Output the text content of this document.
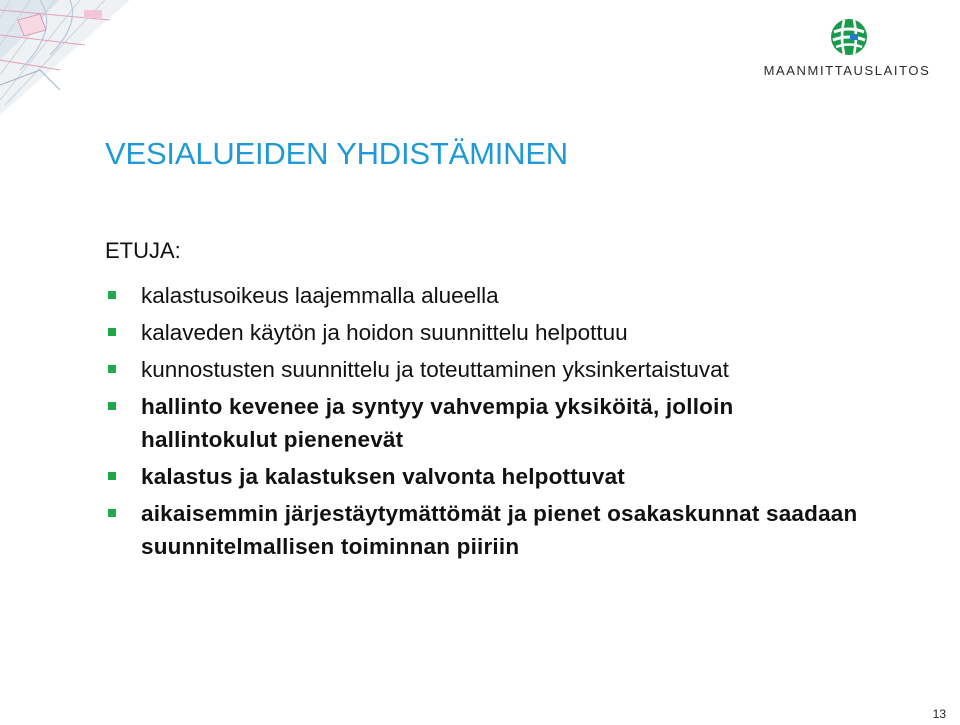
MAANMITTAUSLAITOS
VESIALUEIDEN YHDISTÄMINEN
ETUJA:
kalastusoikeus laajemmalla alueella
kalaveden käytön ja hoidon suunnittelu helpottuu
kunnostusten suunnittelu ja toteuttaminen yksinkertaistuvat
hallinto kevenee ja syntyy vahvempia yksiköitä, jolloin hallintokulut pienenevät
kalastus ja kalastuksen valvonta helpottuvat
aikaisemmin järjestäytymättömät ja pienet osakaskunnat saadaan suunnitelmallisen toiminnan piiriin
13
